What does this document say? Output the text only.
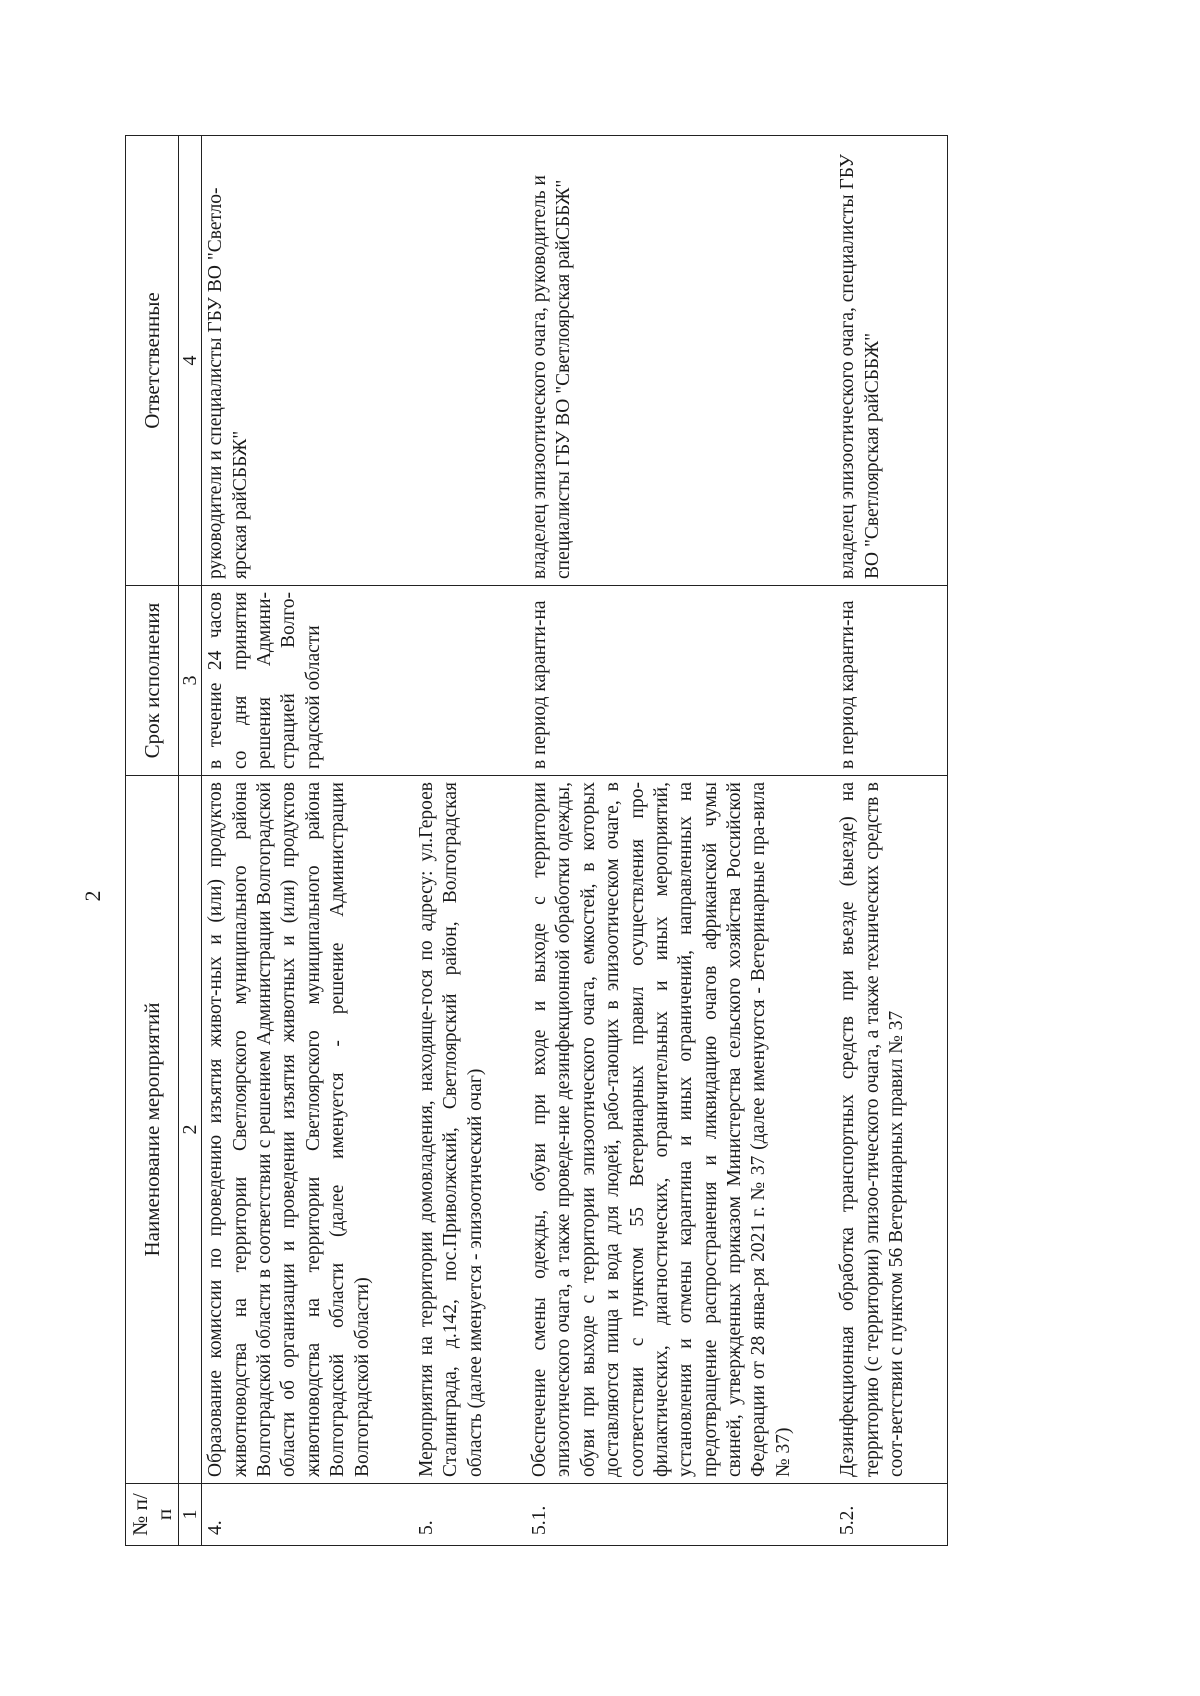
2
№ п/п	Наименование мероприятий	Срок исполнения	Ответственные
1	2	3	4
4.	Образование комиссии по проведению изъятия живот-ных и (или) продуктов животноводства на территории Светлоярского муниципального района Волгоградской области в соответствии с решением Администрации Волгоградской области об организации и проведении изъятия животных и (или) продуктов животноводства на территории Светлоярского муниципального района Волгоградской области (далее именуется - решение Администрации Волгоградской области)	в течение 24 часов со дня принятия решения Админи-страцией Волго-градской области	руководители и специалисты ГБУ ВО "Светло-ярская райСББЖ"
5.	Мероприятия на территории домовладения, находяще-гося по адресу: ул.Героев Сталинграда, д.142, пос.Приволжский, Светлоярский район, Волгоградская область (далее именуется - эпизоотический очаг)		
5.1.	Обеспечение смены одежды, обуви при входе и выходе с территории эпизоотического очага, а также проведе-ние дезинфекционной обработки одежды, обуви при выходе с территории эпизоотического очага, емкостей, в которых доставляются пища и вода для людей, рабо-тающих в эпизоотическом очаге, в соответствии с пунктом 55 Ветеринарных правил осуществления про-филактических, диагностических, ограничительных и иных мероприятий, установления и отмены карантина и иных ограничений, направленных на предотвращение распространения и ликвидацию очагов африканской чумы свиней, утвержденных приказом Министерства сельского хозяйства Российской Федерации от 28 янва-ря 2021 г. № 37 (далее именуются - Ветеринарные пра-вила № 37)	в период каранти-на	владелец эпизоотического очага, руководитель и специалисты ГБУ ВО "Светлоярская райСББЖ"
5.2.	Дезинфекционная обработка транспортных средств при въезде (выезде) на территорию (с территории) эпизоо-тического очага, а также технических средств в соот-ветствии с пунктом 56 Ветеринарных правил № 37	в период каранти-на	владелец эпизоотического очага, специалисты ГБУ ВО "Светлоярская райСББЖ"
